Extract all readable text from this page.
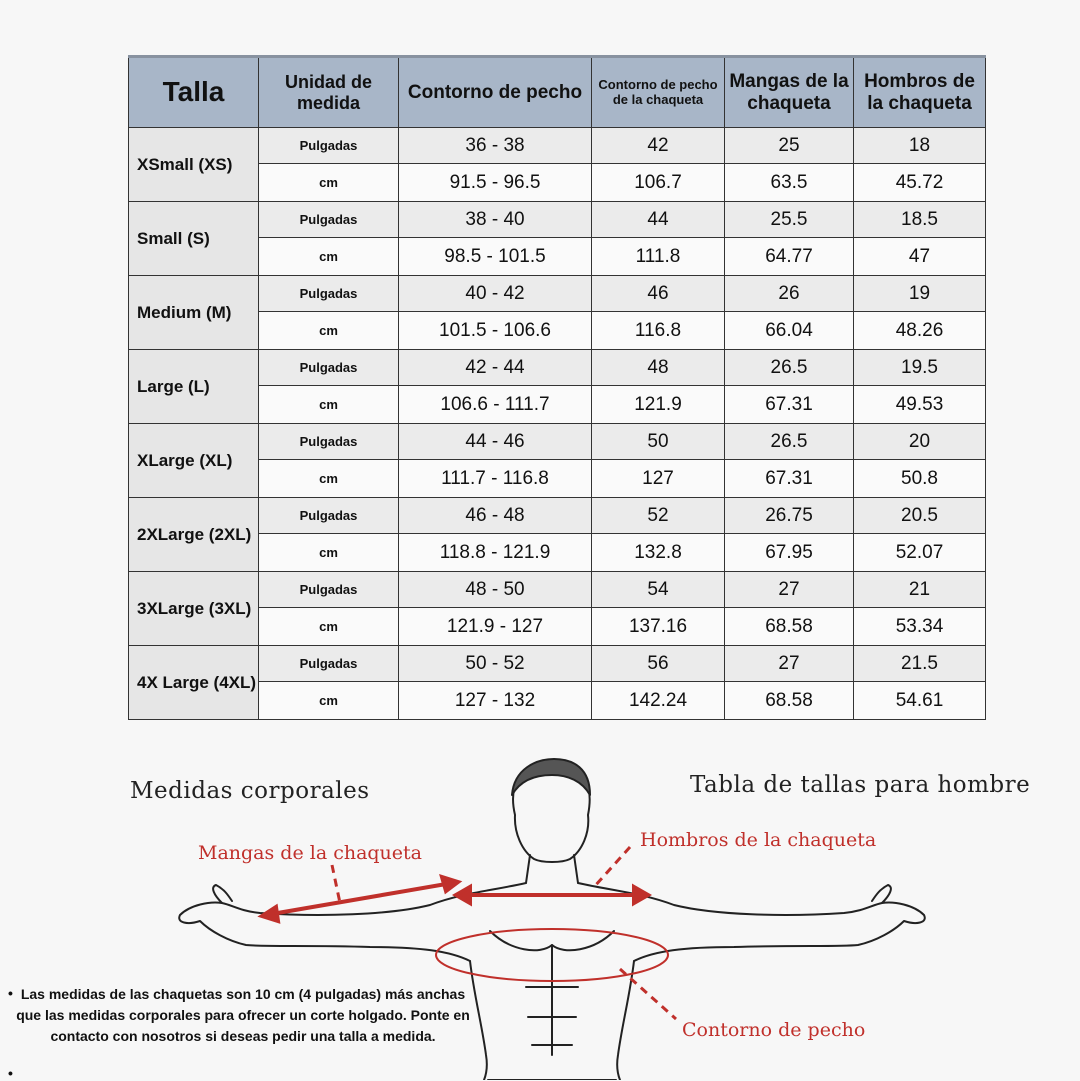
Talla	Unidad de medida	Contorno de pecho	Contorno de pecho de la chaqueta	Mangas de la chaqueta	Hombros de la chaqueta
XSmall (XS)	Pulgadas	36 - 38	42	25	18
	cm	91.5 - 96.5	106.7	63.5	45.72
Small (S)	Pulgadas	38 - 40	44	25.5	18.5
	cm	98.5 - 101.5	111.8	64.77	47
Medium (M)	Pulgadas	40 - 42	46	26	19
	cm	101.5 - 106.6	116.8	66.04	48.26
Large (L)	Pulgadas	42 - 44	48	26.5	19.5
	cm	106.6 - 111.7	121.9	67.31	49.53
XLarge (XL)	Pulgadas	44 - 46	50	26.5	20
	cm	111.7 - 116.8	127	67.31	50.8
2XLarge (2XL)	Pulgadas	46 - 48	52	26.75	20.5
	cm	118.8 - 121.9	132.8	67.95	52.07
3XLarge (3XL)	Pulgadas	48 - 50	54	27	21
	cm	121.9 - 127	137.16	68.58	53.34
4X Large (4XL)	Pulgadas	50 - 52	56	27	21.5
	cm	127 - 132	142.24	68.58	54.61
Medidas corporales	Tabla de tallas para hombre
Mangas de la chaqueta
Hombros de la chaqueta
Contorno de pecho
• Las medidas de las chaquetas son 10 cm (4 pulgadas) más anchas que las medidas corporales para ofrecer un corte holgado. Ponte en contacto con nosotros si deseas pedir una talla a medida.
•
